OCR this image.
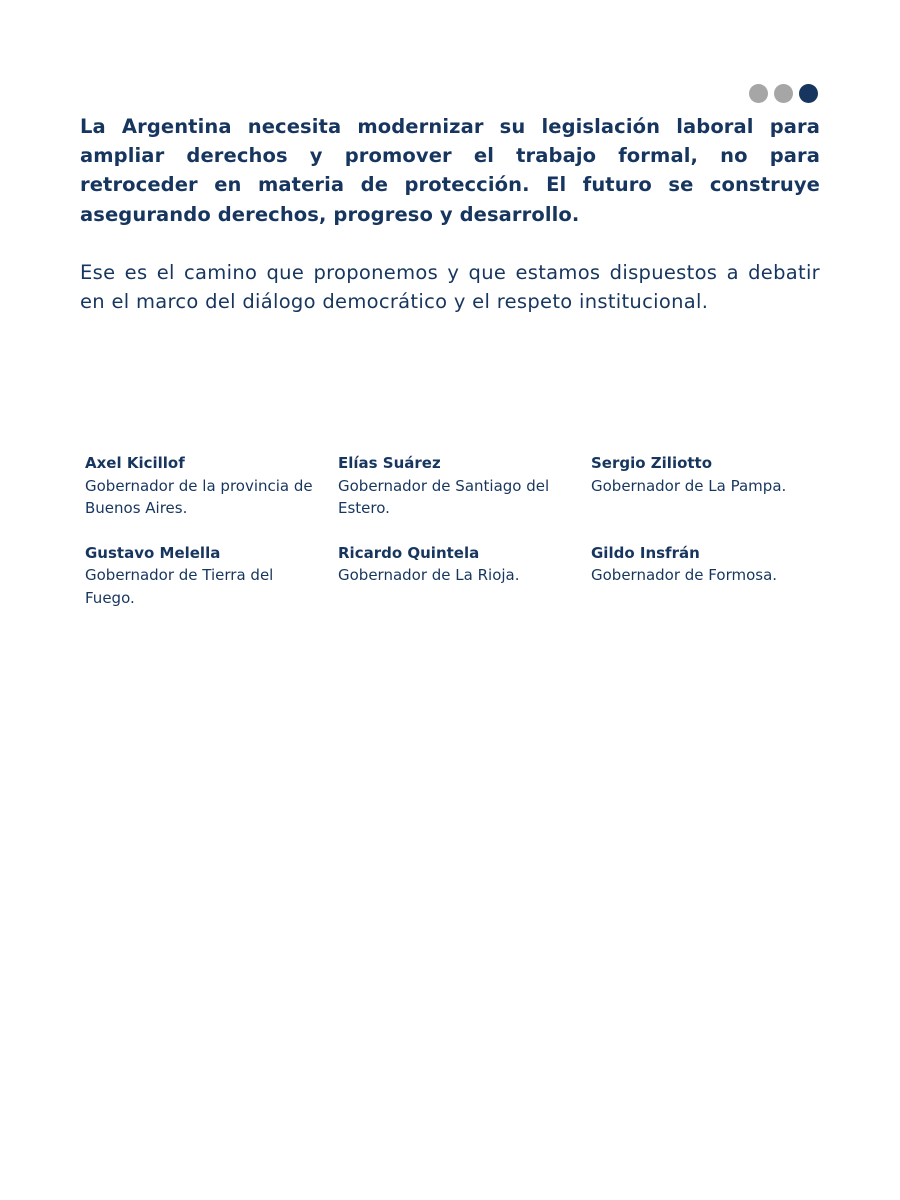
La Argentina necesita modernizar su legislación laboral para ampliar derechos y promover el trabajo formal, no para retroceder en materia de protección. El futuro se construye asegurando derechos, progreso y desarrollo.

Ese es el camino que proponemos y que estamos dispuestos a debatir en el marco del diálogo democrático y el respeto institucional.

Axel Kicillof
Gobernador de la provincia de Buenos Aires.
Elías Suárez
Gobernador de Santiago del Estero.
Sergio Ziliotto
Gobernador de La Pampa.
Gustavo Melella
Gobernador de Tierra del Fuego.
Ricardo Quintela
Gobernador de La Rioja.
Gildo Insfrán
Gobernador de Formosa.
